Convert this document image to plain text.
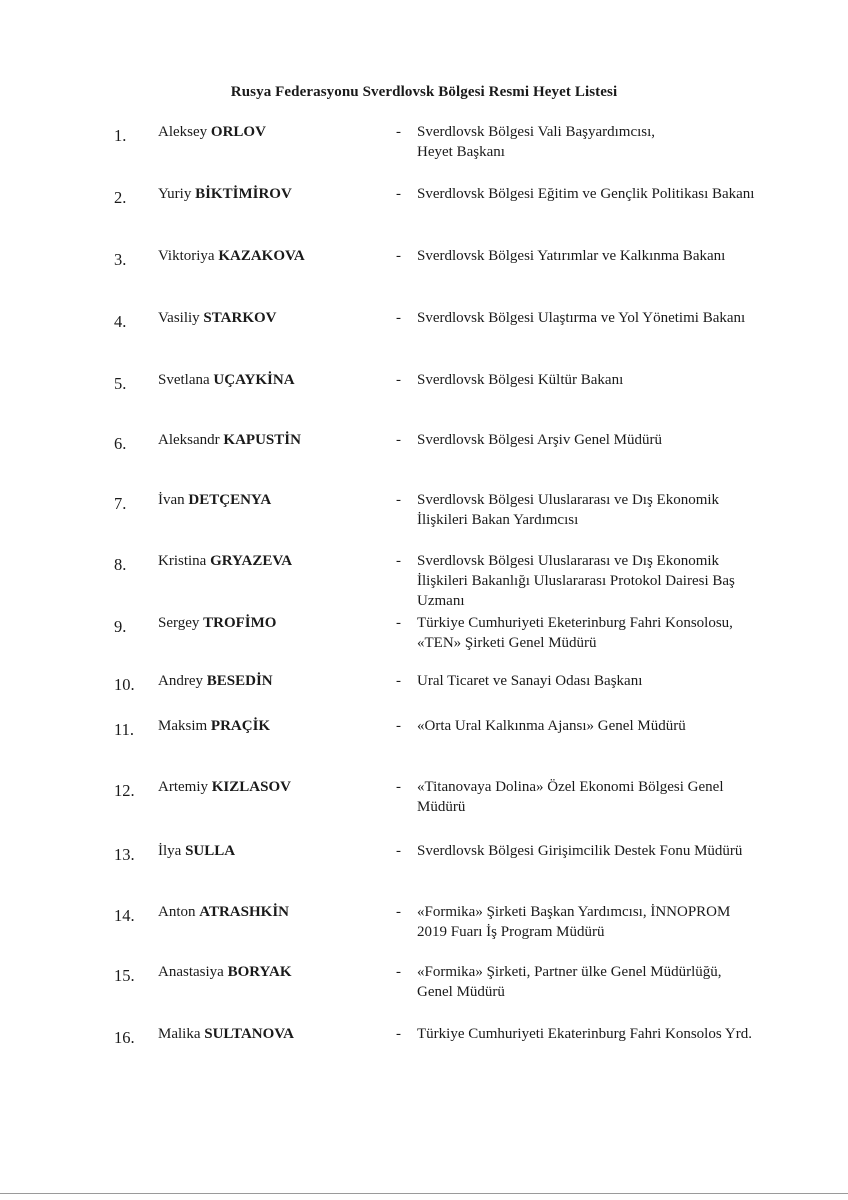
Rusya Federasyonu Sverdlovsk Bölgesi Resmi Heyet Listesi
1. Aleksey ORLOV	- Sverdlovsk Bölgesi Vali Başyardımcısı,
Heyet Başkanı
2. Yuriy BİKTİMİROV	- Sverdlovsk Bölgesi Eğitim ve Gençlik Politikası Bakanı
3. Viktoriya KAZAKOVA	- Sverdlovsk Bölgesi Yatırımlar ve Kalkınma Bakanı
4. Vasiliy STARKOV	- Sverdlovsk Bölgesi Ulaştırma ve Yol Yönetimi Bakanı
5. Svetlana UÇAYKİNA	- Sverdlovsk Bölgesi Kültür Bakanı
6. Aleksandr KAPUSTİN	- Sverdlovsk Bölgesi Arşiv Genel Müdürü
7. İvan DETÇENYA	- Sverdlovsk Bölgesi Uluslararası ve Dış Ekonomik
İlişkileri Bakan Yardımcısı
8. Kristina GRYAZEVA	- Sverdlovsk Bölgesi Uluslararası ve Dış Ekonomik
İlişkileri Bakanlığı Uluslararası Protokol Dairesi Baş
Uzmanı
9. Sergey TROFİMO	- Türkiye Cumhuriyeti Eketerinburg Fahri Konsolosu,
«TEN» Şirketi Genel Müdürü
10. Andrey BESEDİN	- Ural Ticaret ve Sanayi Odası Başkanı
11. Maksim PRAÇİK	- «Orta Ural Kalkınma Ajansı» Genel Müdürü
12. Artemiy KIZLASOV	- «Titanovaya Dolina» Özel Ekonomi Bölgesi Genel
Müdürü
13. İlya SULLA	- Sverdlovsk Bölgesi Girişimcilik Destek Fonu Müdürü
14. Anton ATRASHKİN	- «Formika» Şirketi Başkan Yardımcısı, İNNOPROM
2019 Fuarı İş Program Müdürü
15. Anastasiya BORYAK	- «Formika» Şirketi, Partner ülke Genel Müdürlüğü,
Genel Müdürü
16. Malika SULTANOVA	- Türkiye Cumhuriyeti Ekaterinburg Fahri Konsolos Yrd.
